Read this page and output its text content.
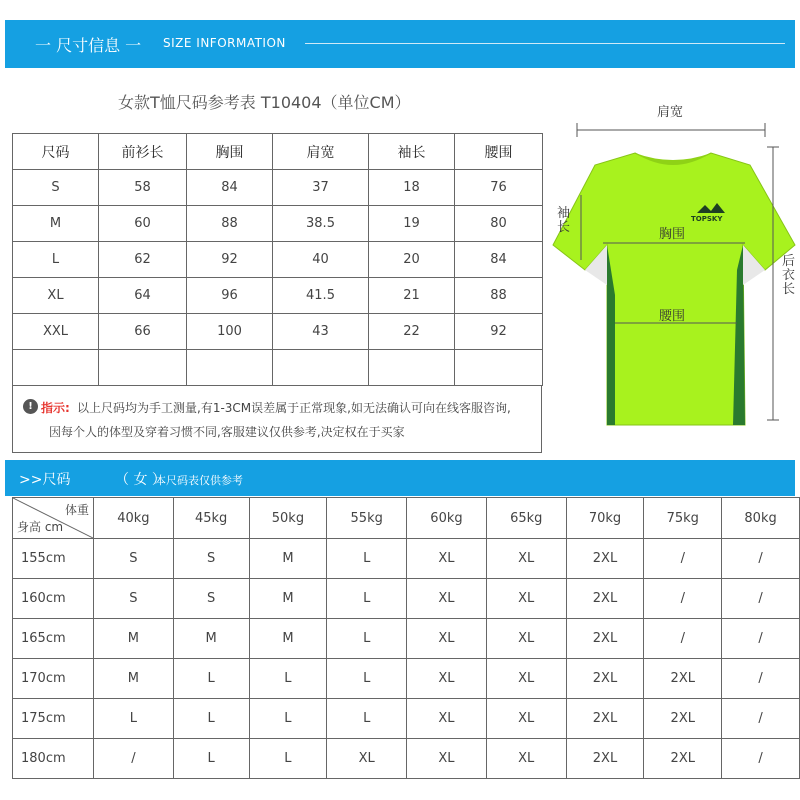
一 尺寸信息 一 SIZE INFORMATION
女款T恤尺码参考表 T10404（单位CM）
尺码	前衫长	胸围	肩宽	袖长	腰围
S	58	84	37	18	76
M	60	88	38.5	19	80
L	62	92	40	20	84
XL	64	96	41.5	21	88
XXL	66	100	43	22	92

! 指示: 以上尺码均为手工测量,有1-3CM误差属于正常现象,如无法确认可向在线客服咨询,
因每个人的体型及穿着习惯不同,客服建议仅供参考,决定权在于买家
肩宽
TOPSKY
袖长	胸围
腰围
后衣长
>>尺码	（ 女 ）
本尺码表仅供参考
体重
身高 cm	40kg	45kg	50kg	55kg	60kg	65kg	70kg	75kg	80kg
155cm	S	S	M	L	XL	XL	2XL	/	/
160cm	S	S	M	L	XL	XL	2XL	/	/
165cm	M	M	M	L	XL	XL	2XL	/	/
170cm	M	L	L	L	XL	XL	2XL	2XL	/
175cm	L	L	L	L	XL	XL	2XL	2XL	/
180cm	/	L	L	XL	XL	XL	2XL	2XL	/
